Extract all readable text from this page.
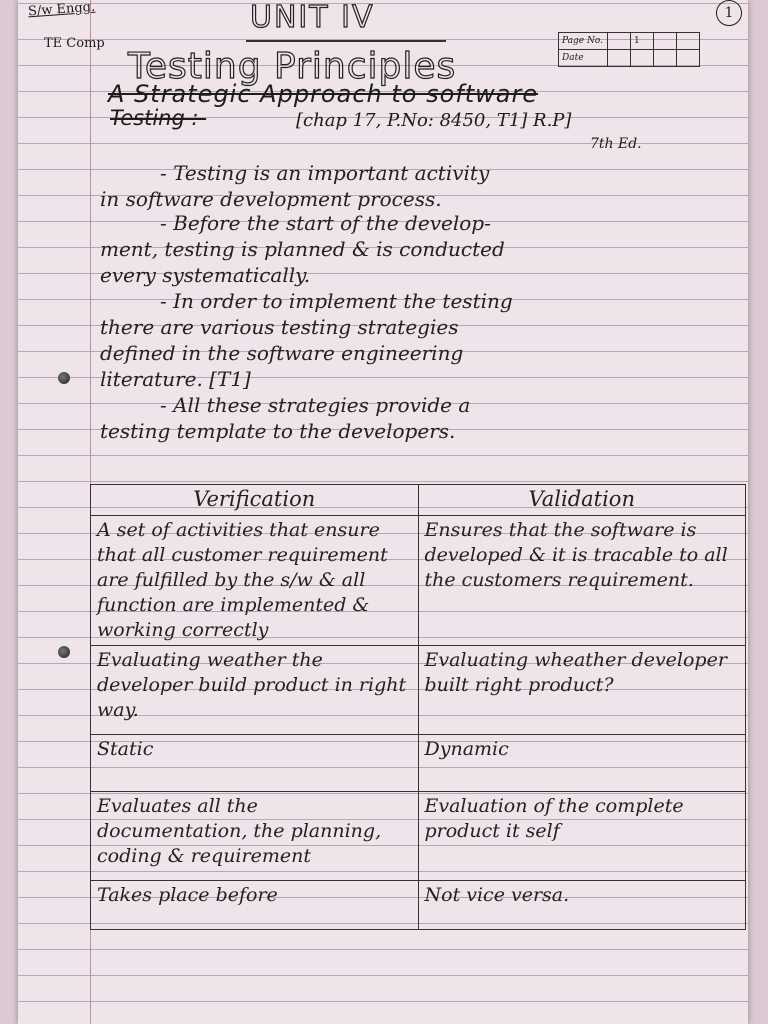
S/w Engg.
TE Comp
UNIT IV	1
Page No.		1		
Date				
Testing Principles
A Strategic Approach to software
Testing :-	[chap 17, P.No: 8450, T1] R.P]
7th Ed.

- Testing is an important activity

in software development process.

- Before the start of the develop-

ment, testing is planned & is conducted

every systematically.

- In order to implement the testing

there are various testing strategies

defined in the software engineering

literature. [T1]

- All these strategies provide a

testing template to the developers.

Verification	Validation
A set of activities that ensure that all customer requirement are fulfilled by the s/w & all function are implemented & working correctly	Ensures that the software is developed & it is tracable to all the customers requirement.
Evaluating weather the developer build product in right way.	Evaluating wheather developer built right product?
Static	Dynamic
Evaluates all the documentation, the planning, coding & requirement	Evaluation of the complete product it self
Takes place before	Not vice versa.
